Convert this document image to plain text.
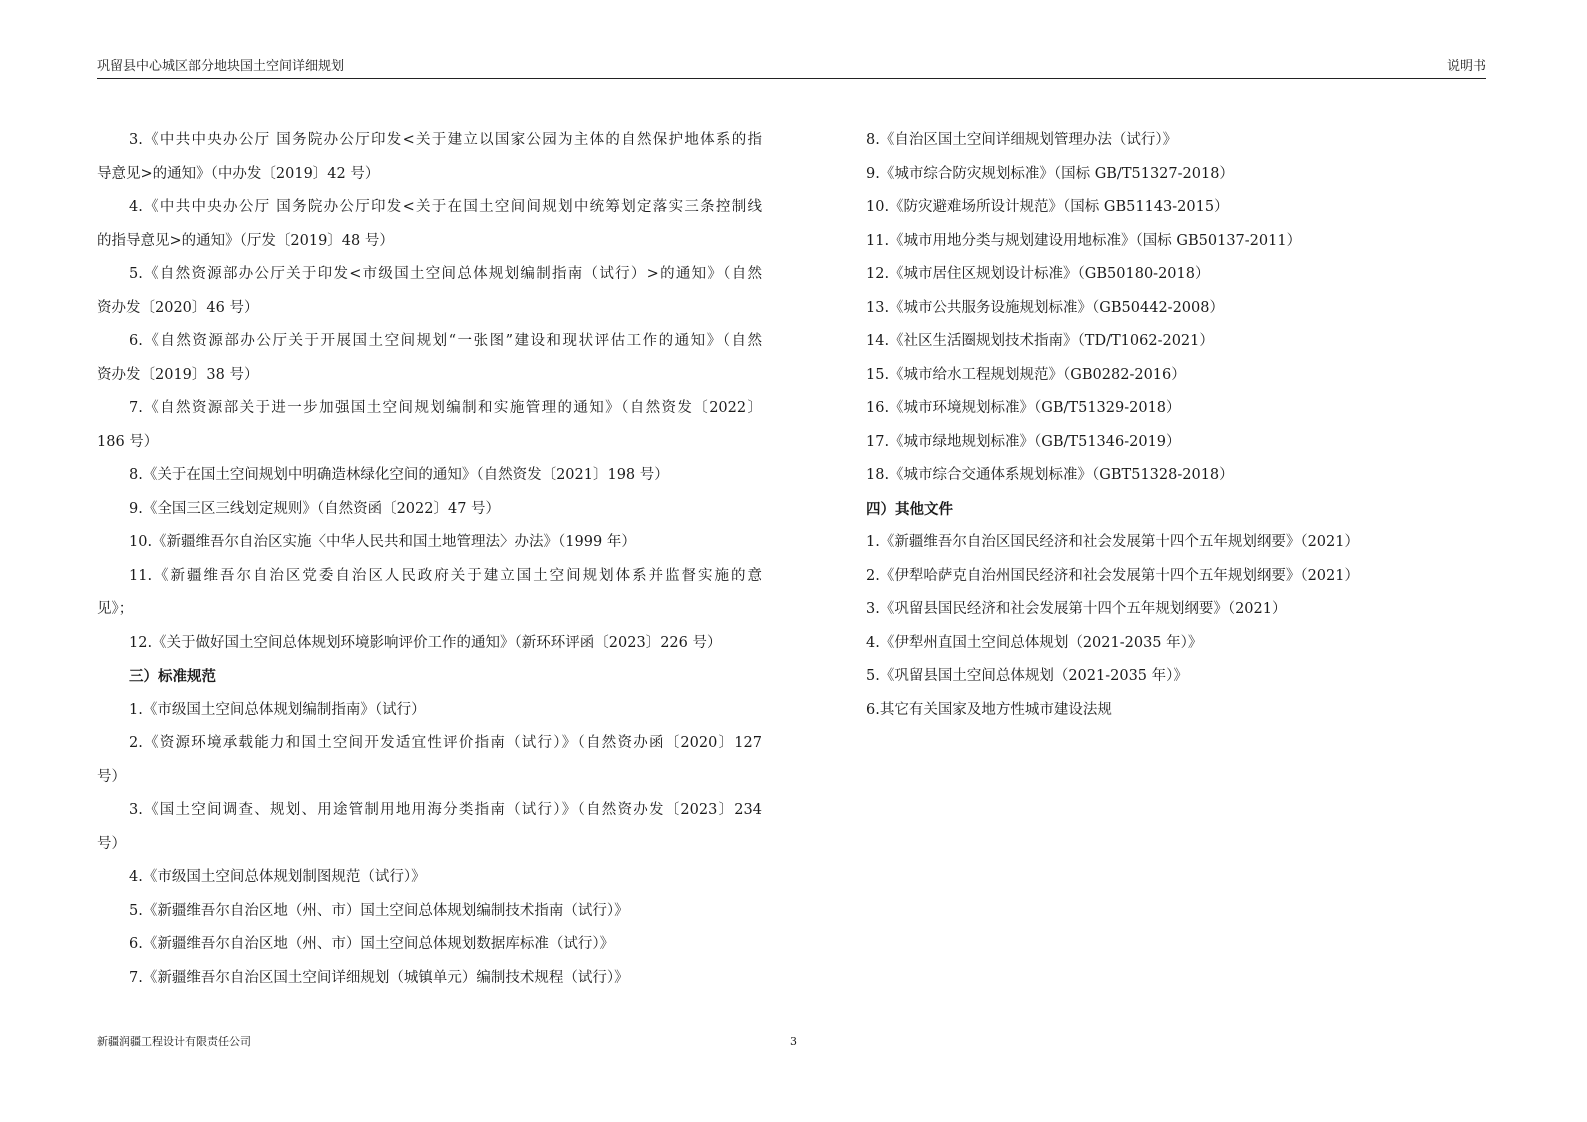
巩留县中心城区部分地块国土空间详细规划	说明书
3.《中共中央办公厅 国务院办公厅印发<关于建立以国家公园为主体的自然保护地体系的指
导意见>的通知》（中办发〔2019〕42 号）
4.《中共中央办公厅 国务院办公厅印发<关于在国土空间间规划中统筹划定落实三条控制线
的指导意见>的通知》（厅发〔2019〕48 号）
5.《自然资源部办公厅关于印发<市级国土空间总体规划编制指南（试行）>的通知》（自然
资办发〔2020〕46 号）
6.《自然资源部办公厅关于开展国土空间规划“一张图”建设和现状评估工作的通知》（自然
资办发〔2019〕38 号）
7.《自然资源部关于进一步加强国土空间规划编制和实施管理的通知》（自然资发〔2022〕
186 号）
8.《关于在国土空间规划中明确造林绿化空间的通知》（自然资发〔2021〕198 号）
9.《全国三区三线划定规则》（自然资函〔2022〕47 号）
10.《新疆维吾尔自治区实施〈中华人民共和国土地管理法〉办法》（1999 年）
11.《新疆维吾尔自治区党委自治区人民政府关于建立国土空间规划体系并监督实施的意
见》；
12.《关于做好国土空间总体规划环境影响评价工作的通知》（新环环评函〔2023〕226 号）
三）标准规范
1.《市级国土空间总体规划编制指南》（试行）
2.《资源环境承载能力和国土空间开发适宜性评价指南（试行）》（自然资办函〔2020〕127
号）
3.《国土空间调查、规划、用途管制用地用海分类指南（试行）》（自然资办发〔2023〕234
号）
4.《市级国土空间总体规划制图规范（试行）》
5.《新疆维吾尔自治区地（州、市）国土空间总体规划编制技术指南（试行）》
6.《新疆维吾尔自治区地（州、市）国土空间总体规划数据库标准（试行）》
7.《新疆维吾尔自治区国土空间详细规划（城镇单元）编制技术规程（试行）》
8.《自治区国土空间详细规划管理办法（试行）》
9.《城市综合防灾规划标准》（国标 GB/T51327-2018）
10.《防灾避难场所设计规范》（国标 GB51143-2015）
11.《城市用地分类与规划建设用地标准》（国标 GB50137-2011）
12.《城市居住区规划设计标准》（GB50180-2018）
13.《城市公共服务设施规划标准》（GB50442-2008）
14.《社区生活圈规划技术指南》（TD/T1062-2021）
15.《城市给水工程规划规范》（GB0282-2016）
16.《城市环境规划标准》（GB/T51329-2018）
17.《城市绿地规划标准》（GB/T51346-2019）
18.《城市综合交通体系规划标准》（GBT51328-2018）
四）其他文件
1.《新疆维吾尔自治区国民经济和社会发展第十四个五年规划纲要》（2021）
2.《伊犁哈萨克自治州国民经济和社会发展第十四个五年规划纲要》（2021）
3.《巩留县国民经济和社会发展第十四个五年规划纲要》（2021）
4.《伊犁州直国土空间总体规划（2021-2035 年）》
5.《巩留县国土空间总体规划（2021-2035 年）》
6.其它有关国家及地方性城市建设法规
新疆润疆工程设计有限责任公司	3
